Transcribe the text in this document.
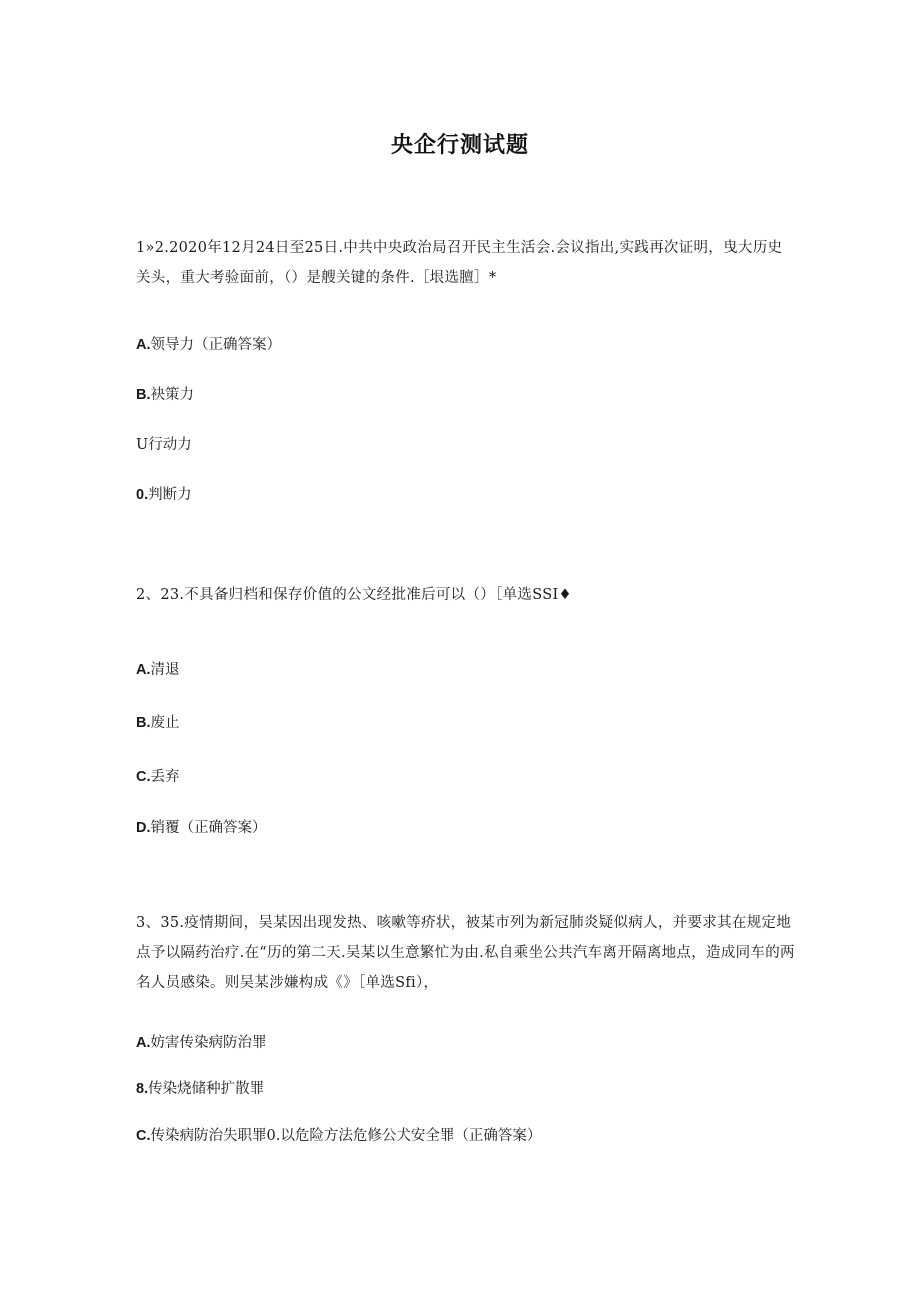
央企行测试题
1»2.2020年12月24日至25日.中共中央政治局召开民主生活会.会议指出,实践再次证明，曳大历史关头，重大考验面前，（）是艘关键的条件.［垠选膻］*
A.领导力（正确答案）
B.袂策力
U行动力
0.判断力
2、23.不具备归档和保存价值的公文经批准后可以（）［单选SSI♦
A.清退
B.废止
C.丢弃
D.销覆（正确答案）
3、35.疫情期间，吴某因出现发热、咳嗽等疥状，被某市列为新冠肺炎疑似病人，并要求其在规定地点予以隔药治疗.在“历的第二天.吴某以生意繁忙为由.私自乘坐公共汽车离开隔离地点，造成同车的两名人员感染。则吴某涉嫌构成《》［单选Sfi），
A.妨害传染病防治罪
8.传染烧储种扩散罪
C.传染病防治失职罪0.以危险方法危修公犬安全罪（正确答案）
